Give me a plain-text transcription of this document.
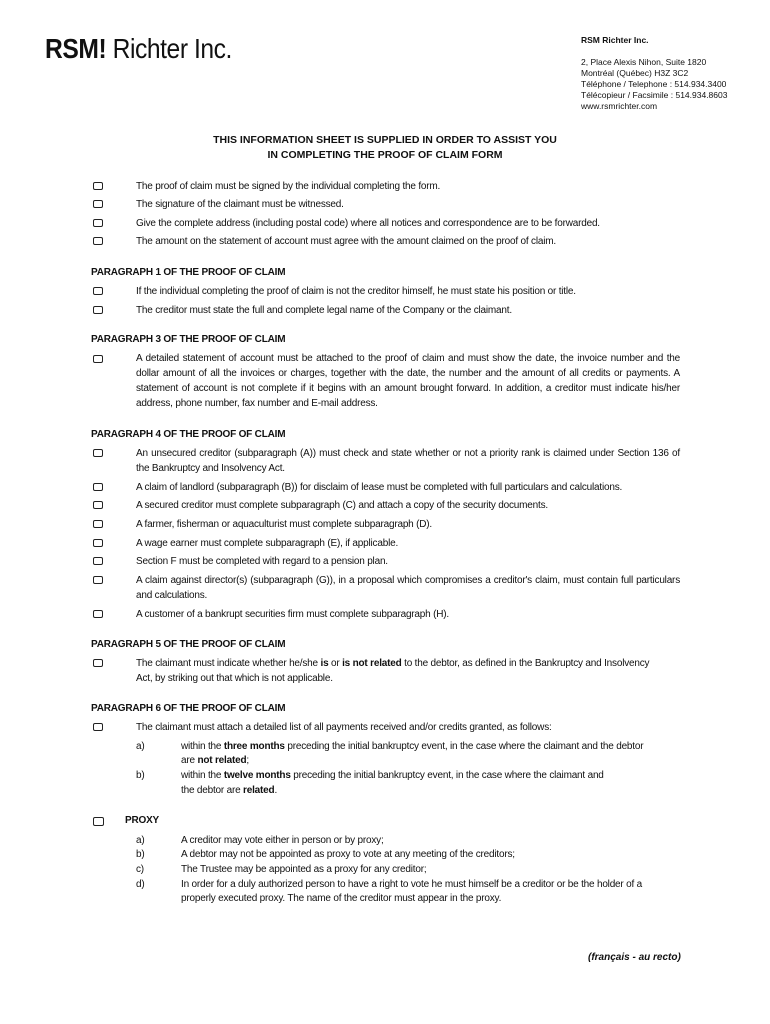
RSM! Richter Inc.	RSM Richter Inc.
2, Place Alexis Nihon, Suite 1820
Montréal (Québec) H3Z 3C2
Téléphone / Telephone : 514.934.3400
Télécopieur / Facsimile : 514.934.8603
www.rsmrichter.com
THIS INFORMATION SHEET IS SUPPLIED IN ORDER TO ASSIST YOU
IN COMPLETING THE PROOF OF CLAIM FORM
The proof of claim must be signed by the individual completing the form.
The signature of the claimant must be witnessed.
Give the complete address (including postal code) where all notices and correspondence are to be forwarded.
The amount on the statement of account must agree with the amount claimed on the proof of claim.
PARAGRAPH 1 OF THE PROOF OF CLAIM
If the individual completing the proof of claim is not the creditor himself, he must state his position or title.
The creditor must state the full and complete legal name of the Company or the claimant.
PARAGRAPH 3 OF THE PROOF OF CLAIM
A detailed statement of account must be attached to the proof of claim and must show the date, the invoice number and the dollar amount of all the invoices or charges, together with the date, the number and the amount of all credits or payments. A statement of account is not complete if it begins with an amount brought forward. In addition, a creditor must indicate his/her address, phone number, fax number and E-mail address.
PARAGRAPH 4 OF THE PROOF OF CLAIM
An unsecured creditor (subparagraph (A)) must check and state whether or not a priority rank is claimed under Section 136 of the Bankruptcy and Insolvency Act.
A claim of landlord (subparagraph (B)) for disclaim of lease must be completed with full particulars and calculations.
A secured creditor must complete subparagraph (C) and attach a copy of the security documents.
A farmer, fisherman or aquaculturist must complete subparagraph (D).
A wage earner must complete subparagraph (E), if applicable.
Section F must be completed with regard to a pension plan.
A claim against director(s) (subparagraph (G)), in a proposal which compromises a creditor's claim, must contain full particulars and calculations.
A customer of a bankrupt securities firm must complete subparagraph (H).
PARAGRAPH 5 OF THE PROOF OF CLAIM
The claimant must indicate whether he/she is or is not related to the debtor, as defined in the Bankruptcy and Insolvency
Act, by striking out that which is not applicable.
PARAGRAPH 6 OF THE PROOF OF CLAIM
The claimant must attach a detailed list of all payments received and/or credits granted, as follows:
a)	within the three months preceding the initial bankruptcy event, in the case where the claimant and the debtor
are not related;
b)	within the twelve months preceding the initial bankruptcy event, in the case where the claimant and
the debtor are related.
PROXY
a)	A creditor may vote either in person or by proxy;
b)	A debtor may not be appointed as proxy to vote at any meeting of the creditors;
c)	The Trustee may be appointed as a proxy for any creditor;
d)	In order for a duly authorized person to have a right to vote he must himself be a creditor or be the holder of a
properly executed proxy. The name of the creditor must appear in the proxy.
(français - au recto)
